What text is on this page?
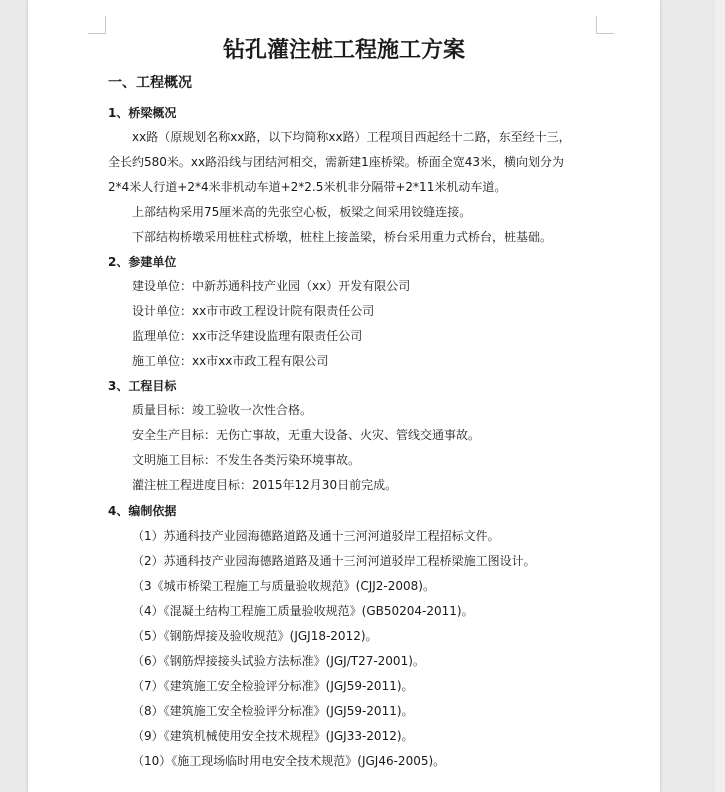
钻孔灌注桩工程施工方案
一、工程概况
1、桥梁概况
xx路（原规划名称xx路，以下均简称xx路）工程项目西起经十二路，东至经十三，
全长约580米。xx路沿线与团结河相交，需新建1座桥梁。桥面全宽43米，横向划分为
2*4米人行道+2*4米非机动车道+2*2.5米机非分隔带+2*11米机动车道。
上部结构采用75厘米高的先张空心板，板梁之间采用铰缝连接。
下部结构桥墩采用桩柱式桥墩，桩柱上接盖梁，桥台采用重力式桥台，桩基础。
2、参建单位
建设单位：中新苏通科技产业园（xx）开发有限公司
设计单位：xx市市政工程设计院有限责任公司
监理单位：xx市泛华建设监理有限责任公司
施工单位：xx市xx市政工程有限公司
3、工程目标
质量目标：竣工验收一次性合格。
安全生产目标：无伤亡事故，无重大设备、火灾、管线交通事故。
文明施工目标：不发生各类污染环境事故。
灌注桩工程进度目标：2015年12月30日前完成。
4、编制依据
（1）苏通科技产业园海德路道路及通十三河河道驳岸工程招标文件。
（2）苏通科技产业园海德路道路及通十三河河道驳岸工程桥梁施工图设计。
（3《城市桥梁工程施工与质量验收规范》(CJJ2-2008)。
（4）《混凝土结构工程施工质量验收规范》(GB50204-2011)。
（5）《钢筋焊接及验收规范》(JGJ18-2012)。
（6）《钢筋焊接接头试验方法标准》(JGJ/T27-2001)。
（7）《建筑施工安全检验评分标准》(JGJ59-2011)。
（8）《建筑施工安全检验评分标准》(JGJ59-2011)。
（9）《建筑机械使用安全技术规程》(JGJ33-2012)。
（10）《施工现场临时用电安全技术规范》(JGJ46-2005)。
